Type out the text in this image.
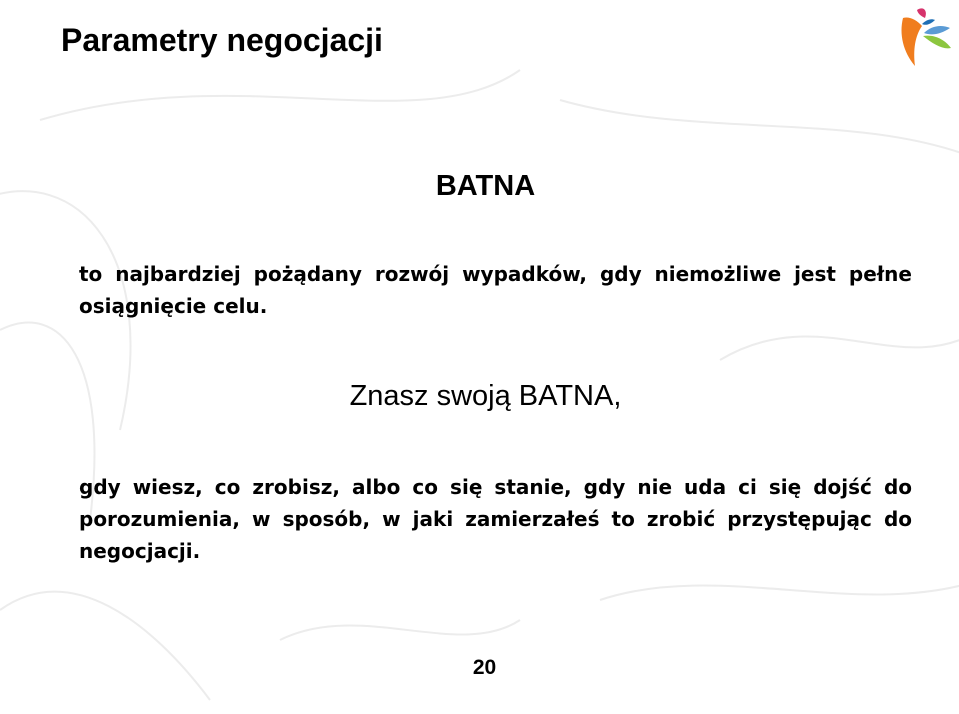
Parametry negocjacji
BATNA

to najbardziej pożądany rozwój wypadków, gdy niemożliwe jest pełne osiągnięcie celu.

Znasz swoją BATNA,

gdy wiesz, co zrobisz, albo co się stanie, gdy nie uda ci się dojść do porozumienia, w sposób, w jaki zamierzałeś to zrobić przystępując do negocjacji.

20
